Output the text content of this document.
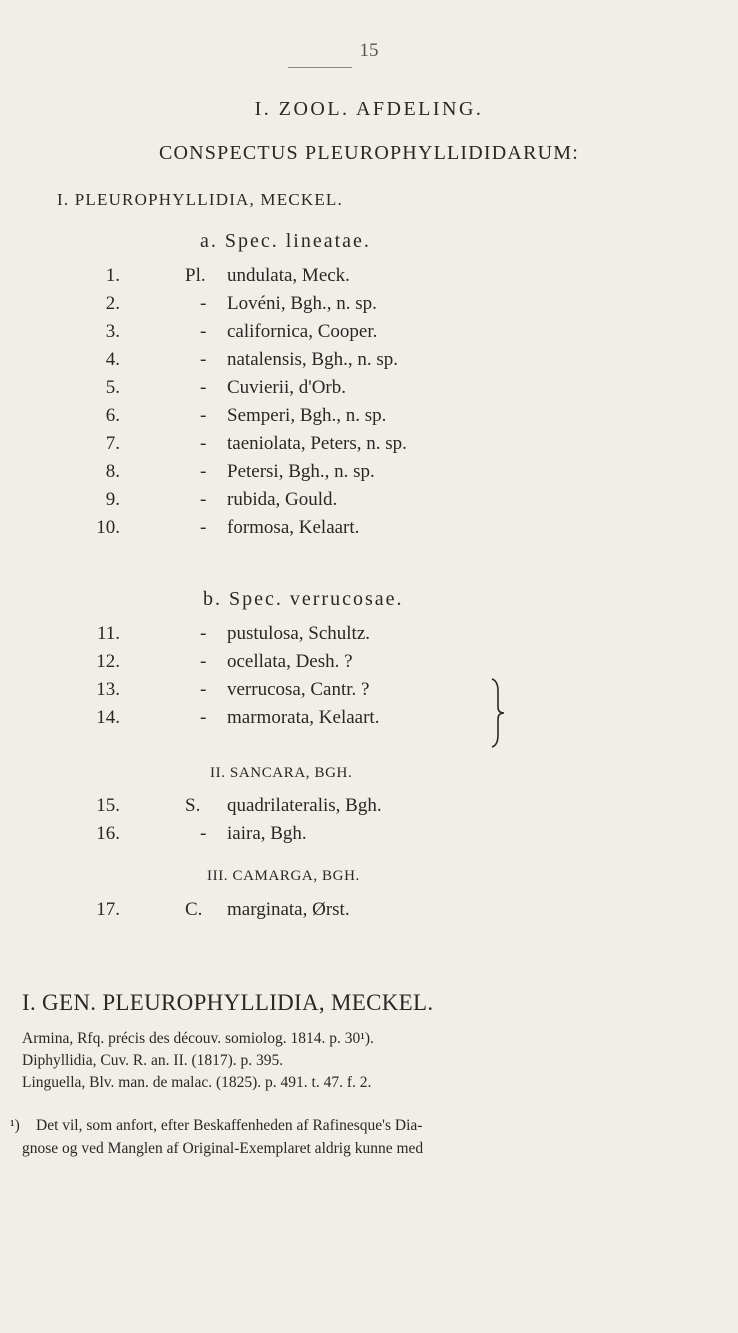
15
I. ZOOL. AFDELING.
CONSPECTUS PLEUROPHYLLIDIDARUM:
I. PLEUROPHYLLIDIA, MECKEL.
a. Spec. lineatae.
1.	Pl. undulata, Meck.
2.	- Lovéni, Bgh., n. sp.
3.	- californica, Cooper.
4.	- natalensis, Bgh., n. sp.
5.	- Cuvierii, d'Orb.
6.	- Semperi, Bgh., n. sp.
7.	- taeniolata, Peters, n. sp.
8.	- Petersi, Bgh., n. sp.
9.	- rubida, Gould.
10.	- formosa, Kelaart.
b. Spec. verrucosae.
11.	- pustulosa, Schultz.
12.	- ocellata, Desh. ?
13.	- verrucosa, Cantr. ?
14.	- marmorata, Kelaart.
II. SANCARA, BGH.
15.	S. quadrilateralis, Bgh.
16.	- iaira, Bgh.
III. CAMARGA, BGH.
17.	C. marginata, Ørst.
I. GEN. PLEUROPHYLLIDIA, MECKEL.
Armina, Rfq. précis des découv. somiolog. 1814. p. 30¹).
Diphyllidia, Cuv. R. an. II. (1817). p. 395.
Linguella, Blv. man. de malac. (1825). p. 491. t. 47. f. 2.
¹) Det vil, som anfort, efter Beskaffenheden af Rafinesque's Dia-
gnose og ved Manglen af Original-Exemplaret aldrig kunne med
